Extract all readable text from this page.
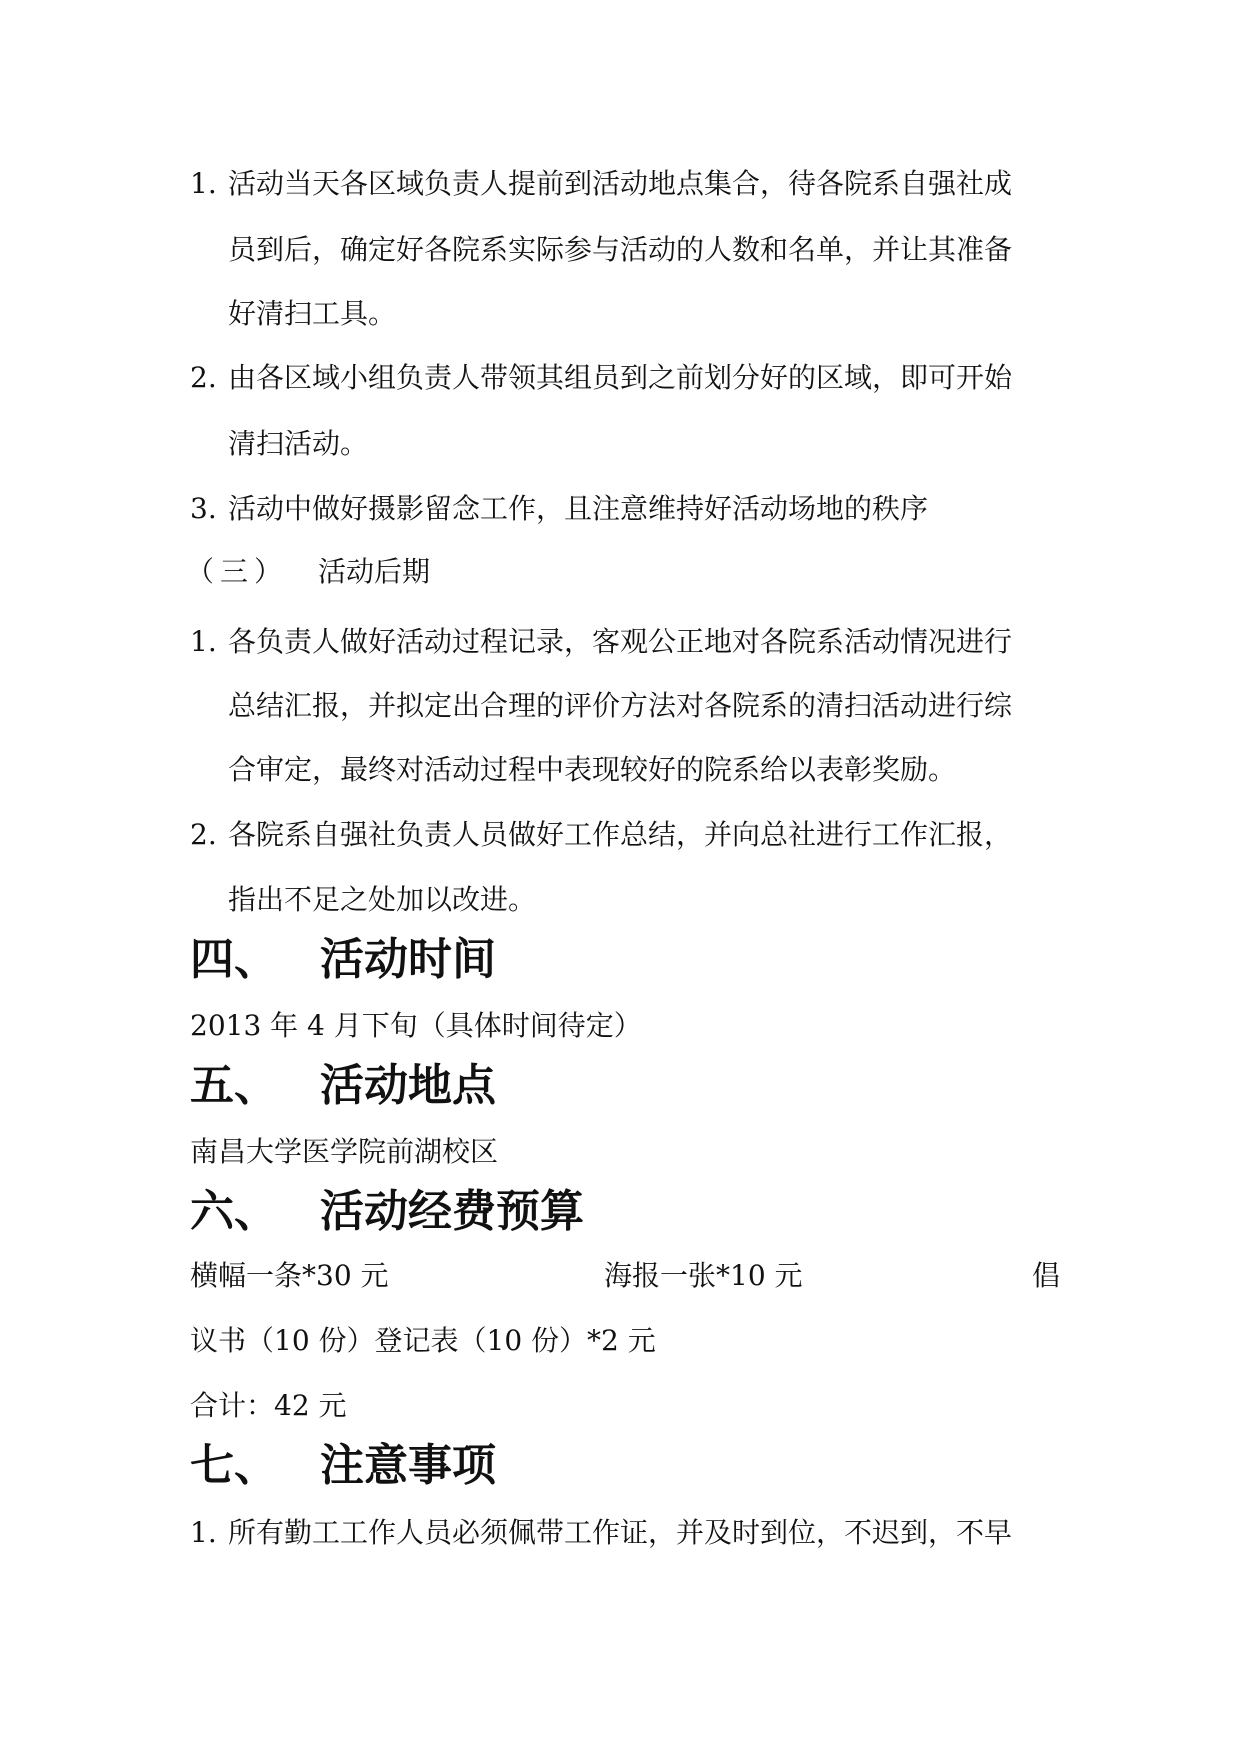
1. 活动当天各区域负责人提前到活动地点集合，待各院系自强社成
员到后，确定好各院系实际参与活动的人数和名单，并让其准备
好清扫工具。
2. 由各区域小组负责人带领其组员到之前划分好的区域，即可开始
清扫活动。
3. 活动中做好摄影留念工作，且注意维持好活动场地的秩序
（三） 活动后期
1. 各负责人做好活动过程记录，客观公正地对各院系活动情况进行
总结汇报，并拟定出合理的评价方法对各院系的清扫活动进行综
合审定，最终对活动过程中表现较好的院系给以表彰奖励。
2. 各院系自强社负责人员做好工作总结，并向总社进行工作汇报，
指出不足之处加以改进。
四、 活动时间
2013 年 4 月下旬（具体时间待定）
五、 活动地点
南昌大学医学院前湖校区
六、 活动经费预算
横幅一条*30 元	海报一张*10 元	倡
议书（10 份）登记表（10 份）*2 元
合计：42 元
七、 注意事项
1. 所有勤工工作人员必须佩带工作证，并及时到位，不迟到，不早
